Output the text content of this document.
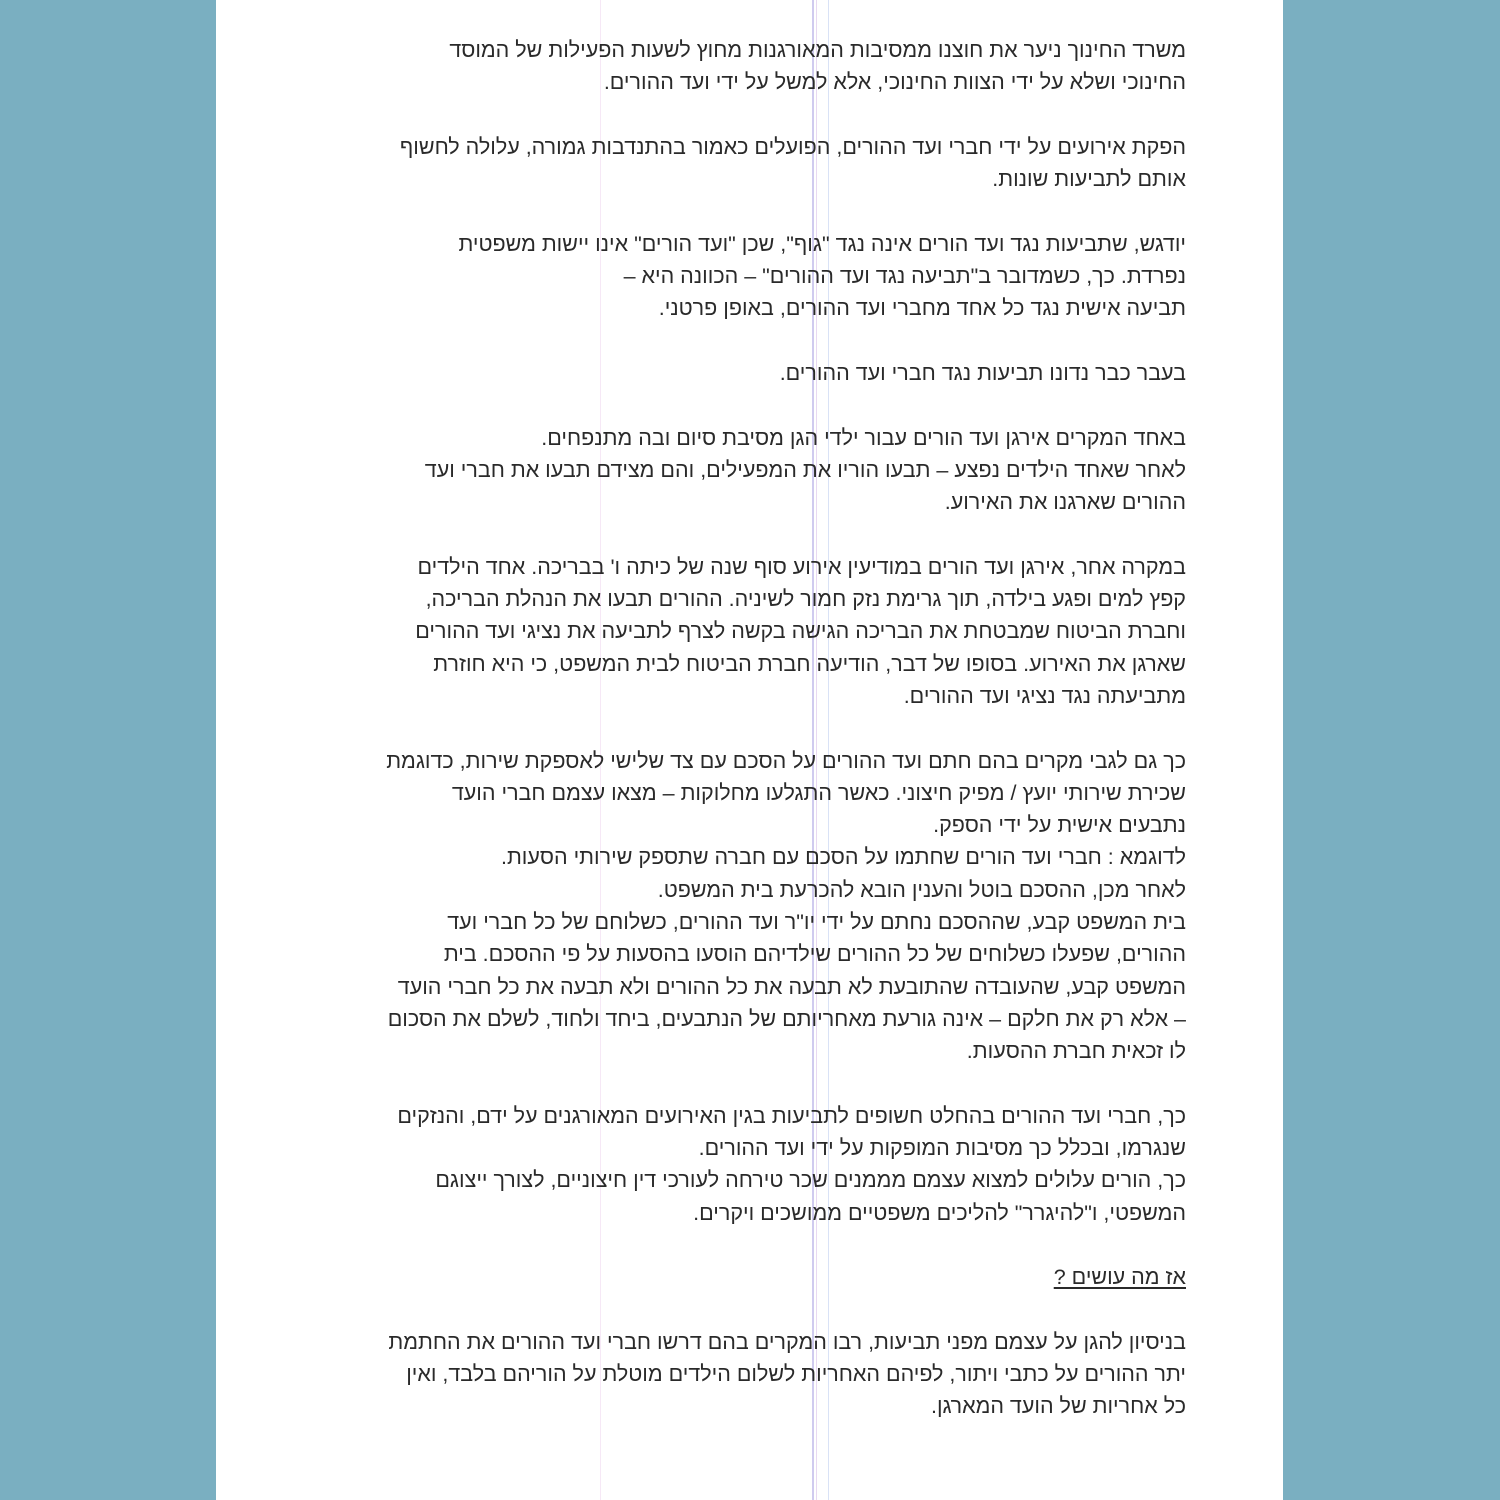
משרד החינוך ניער את חוצנו ממסיבות המאורגנות מחוץ לשעות הפעילות של המוסד
החינוכי ושלא על ידי הצוות החינוכי, אלא למשל על ידי ועד ההורים.

הפקת אירועים על ידי חברי ועד ההורים, הפועלים כאמור בהתנדבות גמורה, עלולה לחשוף
אותם לתביעות שונות.

יודגש, שתביעות נגד ועד הורים אינה נגד "גוף", שכן "ועד הורים" אינו יישות משפטית
נפרדת. כך, כשמדובר ב"תביעה נגד ועד ההורים" – הכוונה היא –
תביעה אישית נגד כל אחד מחברי ועד ההורים, באופן פרטני.

בעבר כבר נדונו תביעות נגד חברי ועד ההורים.

באחד המקרים אירגן ועד הורים עבור ילדי הגן מסיבת סיום ובה מתנפחים.
לאחר שאחד הילדים נפצע – תבעו הוריו את המפעילים, והם מצידם תבעו את חברי ועד
ההורים שארגנו את האירוע.

במקרה אחר, אירגן ועד הורים במודיעין אירוע סוף שנה של כיתה ו' בבריכה. אחד הילדים
קפץ למים ופגע בילדה, תוך גרימת נזק חמור לשיניה. ההורים תבעו את הנהלת הבריכה,
וחברת הביטוח שמבטחת את הבריכה הגישה בקשה לצרף לתביעה את נציגי ועד ההורים
שארגן את האירוע. בסופו של דבר, הודיעה חברת הביטוח לבית המשפט, כי היא חוזרת
מתביעתה נגד נציגי ועד ההורים.

כך גם לגבי מקרים בהם חתם ועד ההורים על הסכם עם צד שלישי לאספקת שירות, כדוגמת
שכירת שירותי יועץ / מפיק חיצוני. כאשר התגלעו מחלוקות – מצאו עצמם חברי הועד
נתבעים אישית על ידי הספק.
לדוגמא : חברי ועד הורים שחתמו על הסכם עם חברה שתספק שירותי הסעות.
לאחר מכן, ההסכם בוטל והענין הובא להכרעת בית המשפט.
בית המשפט קבע, שההסכם נחתם על ידי יו"ר ועד ההורים, כשלוחם של כל חברי ועד
ההורים, שפעלו כשלוחים של כל ההורים שילדיהם הוסעו בהסעות על פי ההסכם. בית
המשפט קבע, שהעובדה שהתובעת לא תבעה את כל ההורים ולא תבעה את כל חברי הועד
– אלא רק את חלקם – אינה גורעת מאחריותם של הנתבעים, ביחד ולחוד, לשלם את הסכום
לו זכאית חברת ההסעות.

כך, חברי ועד ההורים בהחלט חשופים לתביעות בגין האירועים המאורגנים על ידם, והנזקים
שנגרמו, ובכלל כך מסיבות המופקות על ידי ועד ההורים.
כך, הורים עלולים למצוא עצמם מממנים שכר טירחה לעורכי דין חיצוניים, לצורך ייצוגם
המשפטי, ו"להיגרר" להליכים משפטיים ממושכים ויקרים.

אז מה עושים ?

בניסיון להגן על עצמם מפני תביעות, רבו המקרים בהם דרשו חברי ועד ההורים את החתמת
יתר ההורים על כתבי ויתור, לפיהם האחריות לשלום הילדים מוטלת על הוריהם בלבד, ואין
כל אחריות של הועד המארגן.
